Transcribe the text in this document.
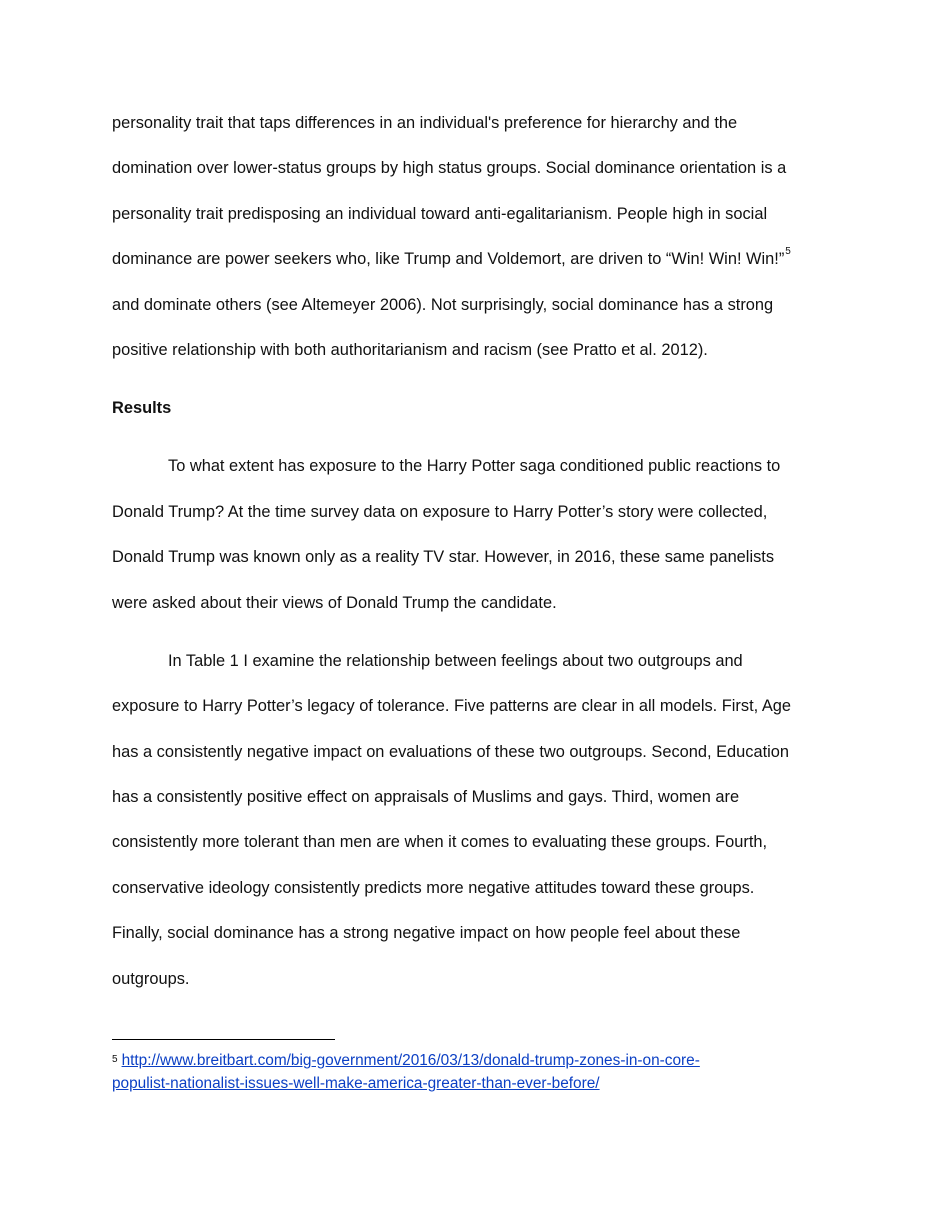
personality trait that taps differences in an individual's preference for hierarchy and the
domination over lower-status groups by high status groups. Social dominance orientation is a
personality trait predisposing an individual toward anti-egalitarianism. People high in social
dominance are power seekers who, like Trump and Voldemort, are driven to “Win! Win! Win!”$^5$
and dominate others (see Altemeyer 2006). Not surprisingly, social dominance has a strong
positive relationship with both authoritarianism and racism (see Pratto et al. 2012).
Results
To what extent has exposure to the Harry Potter saga conditioned public reactions to
Donald Trump? At the time survey data on exposure to Harry Potter’s story were collected,
Donald Trump was known only as a reality TV star. However, in 2016, these same panelists
were asked about their views of Donald Trump the candidate.
In Table 1 I examine the relationship between feelings about two outgroups and
exposure to Harry Potter’s legacy of tolerance. Five patterns are clear in all models. First, Age
has a consistently negative impact on evaluations of these two outgroups. Second, Education
has a consistently positive effect on appraisals of Muslims and gays. Third, women are
consistently more tolerant than men are when it comes to evaluating these groups. Fourth,
conservative ideology consistently predicts more negative attitudes toward these groups.
Finally, social dominance has a strong negative impact on how people feel about these
outgroups.
$^5$ http://www.breitbart.com/big-government/2016/03/13/donald-trump-zones-in-on-core-
populist-nationalist-issues-well-make-america-greater-than-ever-before/
